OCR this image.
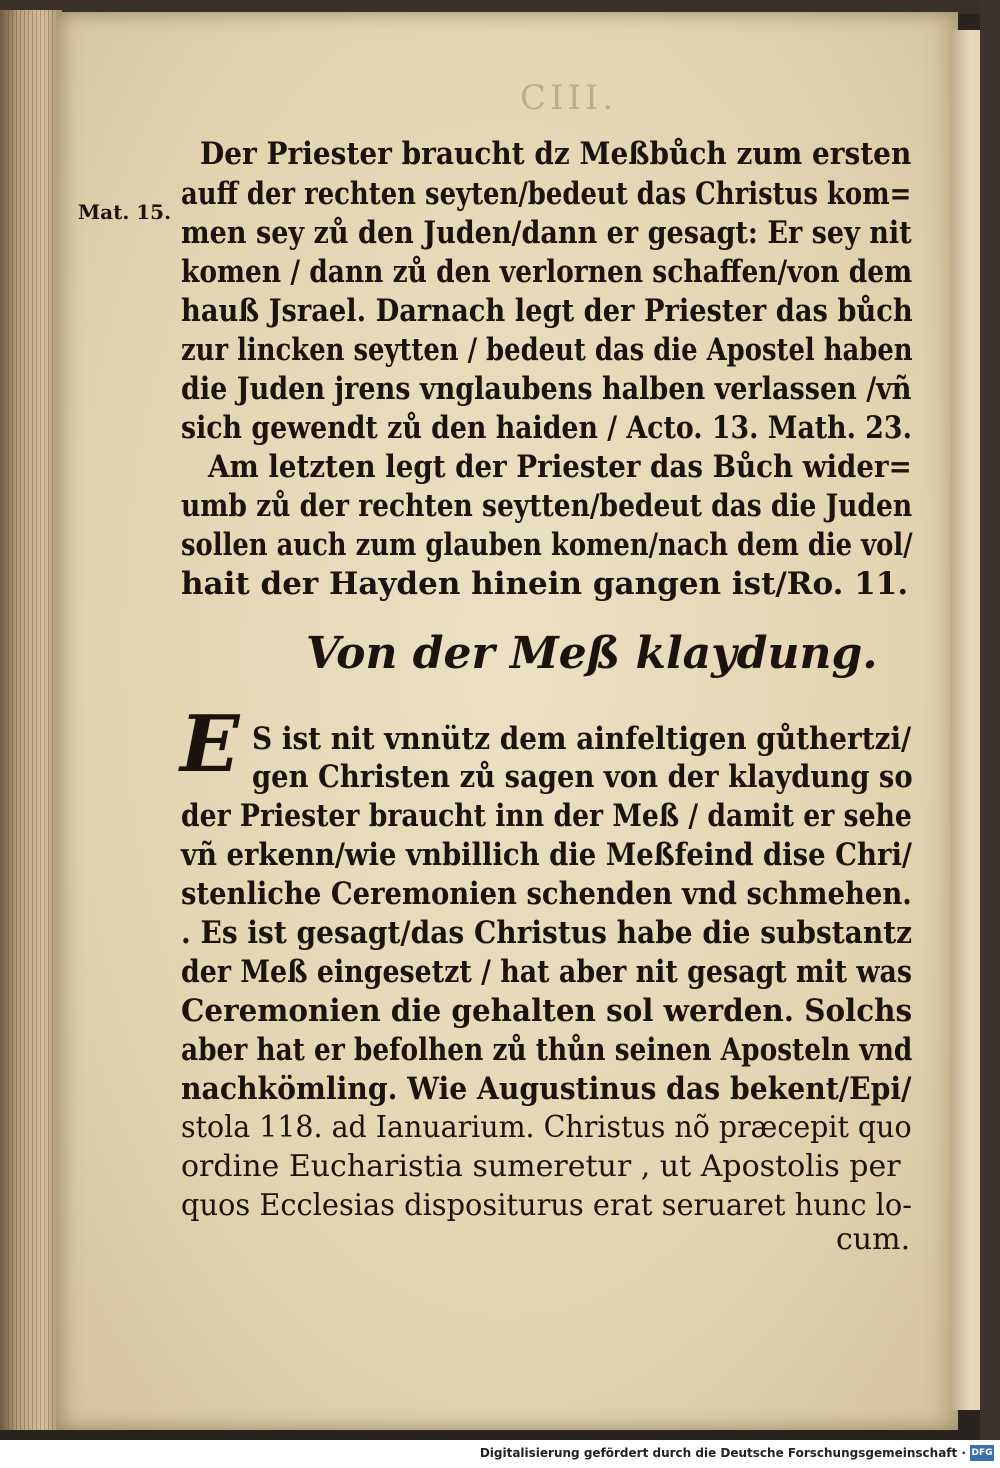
CIII.
Mat. 15.
Der Priester braucht dz Meßbůch zum ersten
auff der rechten seyten/bedeut das Christus kom=
men sey zů den Juden/dann er gesagt: Er sey nit
komen / dann zů den verlornen schaffen/von dem
hauß Jsrael. Darnach legt der Priester das bůch
zur lincken seytten / bedeut das die Apostel haben
die Juden jrens vnglaubens halben verlassen /vñ
sich gewendt zů den haiden / Acto. 13. Math. 23.
Am letzten legt der Priester das Bůch wider=
umb zů der rechten seytten/bedeut das die Juden
sollen auch zum glauben komen/nach dem die vol/
hait der Hayden hinein gangen ist/Ro. 11.
Von der Meß klaydung.
E S ist nit vnnütz dem ainfeltigen gůthertzi/
gen Christen zů sagen von der klaydung so
der Priester braucht inn der Meß / damit er sehe
vñ erkenn/wie vnbillich die Meßfeind dise Chri/
stenliche Ceremonien schenden vnd schmehen.
. Es ist gesagt/das Christus habe die substantz
der Meß eingesetzt / hat aber nit gesagt mit was
Ceremonien die gehalten sol werden. Solchs
aber hat er befolhen zů thůn seinen Aposteln vnd
nachkömling. Wie Augustinus das bekent/Epi/
stola 118. ad Ianuarium. Christus nõ præcepit quo
ordine Eucharistia sumeretur , ut Apostolis per
quos Ecclesias dispositurus erat seruaret hunc lo-
cum.
Digitalisierung gefördert durch die Deutsche Forschungsgemeinschaft · DFG
